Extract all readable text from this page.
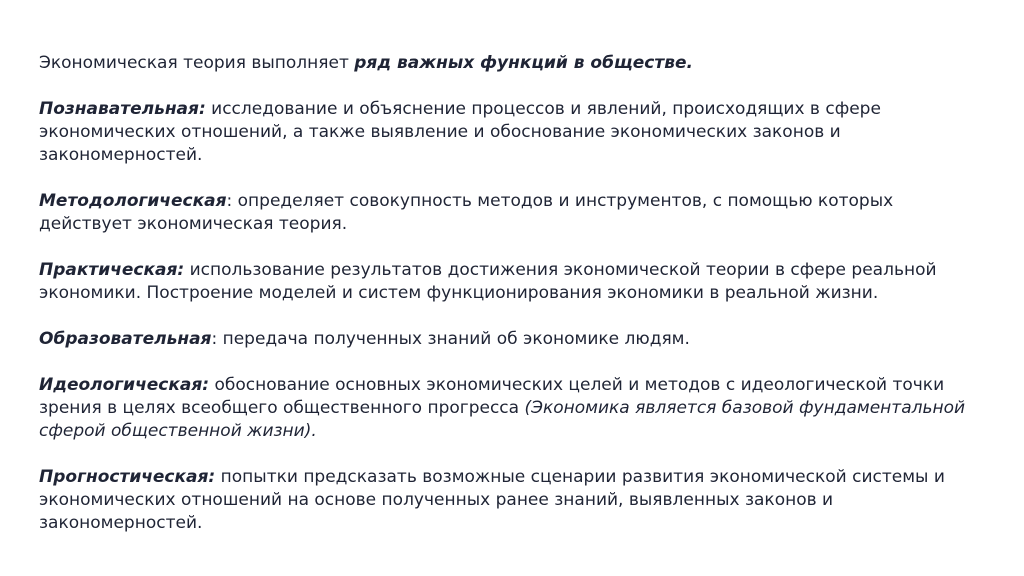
Экономическая теория выполняет ряд важных функций в обществе.

Познавательная: исследование и объяснение процессов и явлений, происходящих в сфере экономических отношений, а также выявление и обоснование экономических законов и закономерностей.

Методологическая: определяет совокупность методов и инструментов, с помощью которых действует экономическая теория.

Практическая: использование результатов достижения экономической теории в сфере реальной экономики. Построение моделей и систем функционирования экономики в реальной жизни.

Образовательная: передача полученных знаний об экономике людям.

Идеологическая: обоснование основных экономических целей и методов с идеологической точки зрения в целях всеобщего общественного прогресса (Экономика является базовой фундаментальной сферой общественной жизни).

Прогностическая: попытки предсказать возможные сценарии развития экономической системы и экономических отношений на основе полученных ранее знаний, выявленных законов и закономерностей.
